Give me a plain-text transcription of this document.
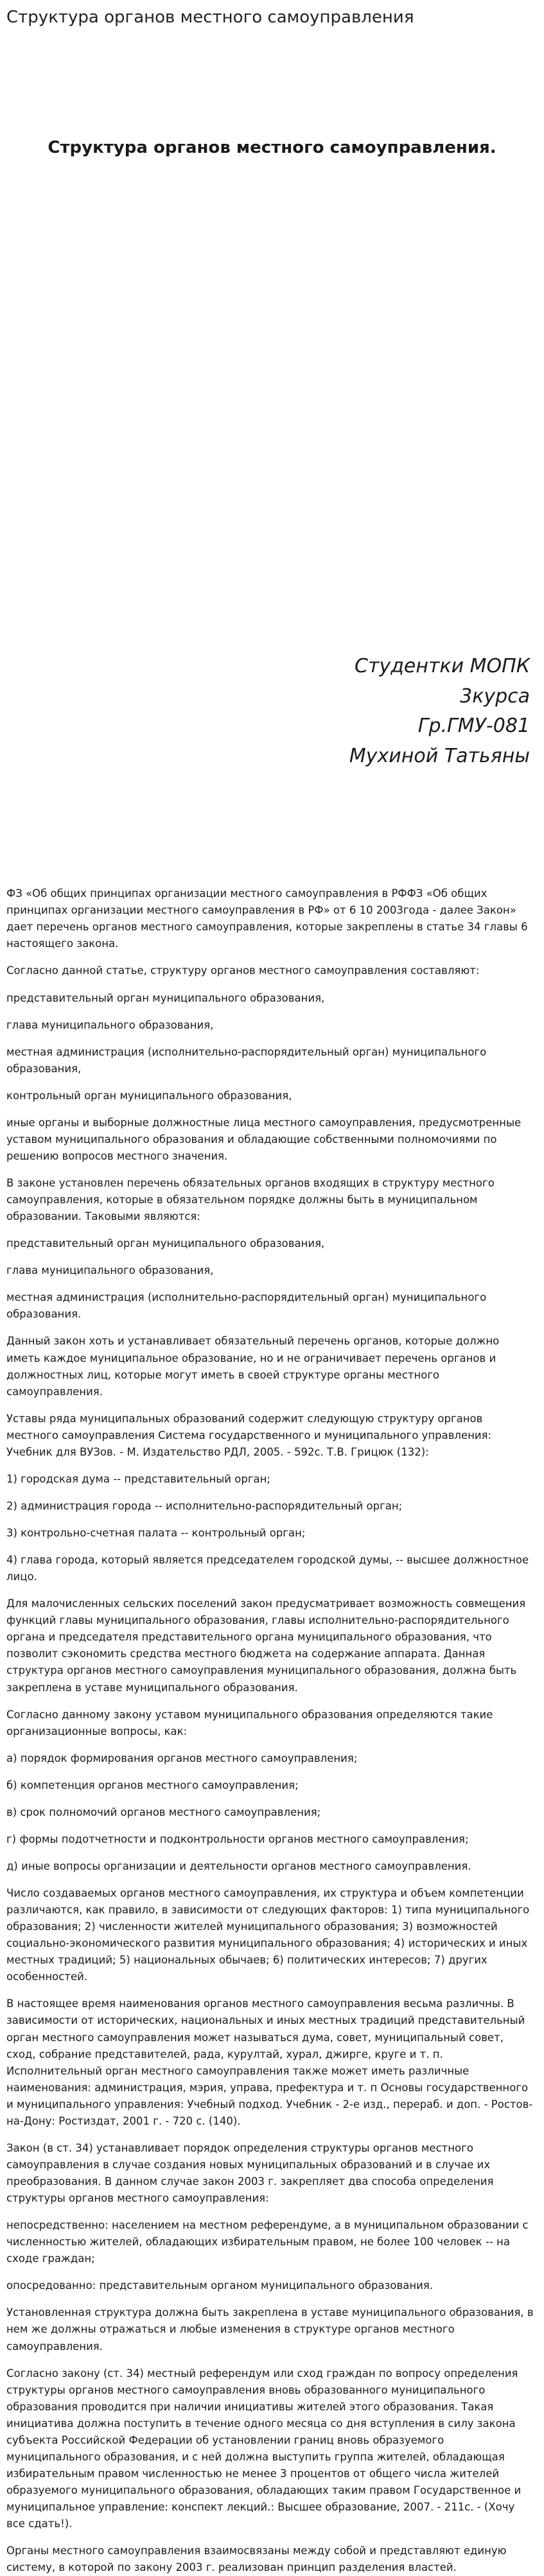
Структура органов местного самоуправления
Структура органов местного самоуправления.
Студентки МОПК
3курса
Гр.ГМУ-081
Мухиной Татьяны

ФЗ «Об общих принципах организации местного самоуправления в РФФЗ «Об общих принципах организации местного самоуправления в РФ» от 6 10 2003года - далее Закон» дает перечень органов местного самоуправления, которые закреплены в статье 34 главы 6 настоящего закона.

Согласно данной статье, структуру органов местного самоуправления составляют:

представительный орган муниципального образования,

глава муниципального образования,

местная администрация (исполнительно-распорядительный орган) муниципального образования,

контрольный орган муниципального образования,

иные органы и выборные должностные лица местного самоуправления, предусмотренные уставом муниципального образования и обладающие собственными полномочиями по решению вопросов местного значения.

В законе установлен перечень обязательных органов входящих в структуру местного самоуправления, которые в обязательном порядке должны быть в муниципальном образовании. Таковыми являются:

представительный орган муниципального образования,

глава муниципального образования,

местная администрация (исполнительно-распорядительный орган) муниципального образования.

Данный закон хоть и устанавливает обязательный перечень органов, которые должно иметь каждое муниципальное образование, но и не ограничивает перечень органов и должностных лиц, которые могут иметь в своей структуре органы местного самоуправления.

Уставы ряда муниципальных образований содержит следующую структуру органов местного самоуправления Система государственного и муниципального управления: Учебник для ВУЗов. - М. Издательство РДЛ, 2005. - 592с. Т.В. Грицюк (132):

1) городская дума -- представительный орган;

2) администрация города -- исполнительно-распорядительный орган;

3) контрольно-счетная палата -- контрольный орган;

4) глава города, который является председателем городской думы, -- высшее должностное лицо.

Для малочисленных сельских поселений закон предусматривает возможность совмещения функций главы муниципального образования, главы исполнительно-распорядительного органа и председателя представительного органа муниципального образования, что позволит сэкономить средства местного бюджета на содержание аппарата. Данная структура органов местного самоуправления муниципального образования, должна быть закреплена в уставе муниципального образования.

Согласно данному закону уставом муниципального образования определяются такие организационные вопросы, как:

а) порядок формирования органов местного самоуправления;

б) компетенция органов местного самоуправления;

в) срок полномочий органов местного самоуправления;

г) формы подотчетности и подконтрольности органов местного самоуправления;

д) иные вопросы организации и деятельности органов местного самоуправления.

Число создаваемых органов местного самоуправления, их структура и объем компетенции различаются, как правило, в зависимости от следующих факторов: 1) типа муниципального образования; 2) численности жителей муниципального образования; 3) возможностей социально-экономического развития муниципального образования; 4) исторических и иных местных традиций; 5) национальных обычаев; 6) политических интересов; 7) других особенностей.

В настоящее время наименования органов местного самоуправления весьма различны. В зависимости от исторических, национальных и иных местных традиций представительный орган местного самоуправления может называться дума, совет, муниципальный совет, сход, собрание представителей, рада, курултай, хурал, джирге, круге и т. п. Исполнительный орган местного самоуправления также может иметь различные наименования: администрация, мэрия, управа, префектура и т. п Основы государственного и муниципального управления: Учебный подход. Учебник - 2-е изд., перераб. и доп. - Ростов-на-Дону: Ростиздат, 2001 г. - 720 с. (140).

Закон (в ст. 34) устанавливает порядок определения структуры органов местного самоуправления в случае создания новых муниципальных образований и в случае их преобразования. В данном случае закон 2003 г. закрепляет два способа определения структуры органов местного самоуправления:

непосредственно: населением на местном референдуме, а в муниципальном образовании с численностью жителей, обладающих избирательным правом, не более 100 человек -- на сходе граждан;

опосредованно: представительным органом муниципального образования.

Установленная структура должна быть закреплена в уставе муниципального образования, в нем же должны отражаться и любые изменения в структуре органов местного самоуправления.

Согласно закону (ст. 34) местный референдум или сход граждан по вопросу определения структуры органов местного самоуправления вновь образованного муниципального образования проводится при наличии инициативы жителей этого образования. Такая инициатива должна поступить в течение одного месяца со дня вступления в силу закона субъекта Российской Федерации об установлении границ вновь образуемого муниципального образования, и с ней должна выступить группа жителей, обладающая избирательным правом численностью не менее 3 процентов от общего числа жителей образуемого муниципального образования, обладающих таким правом Государственное и муниципальное управление: конспект лекций.: Высшее образование, 2007. - 211с. - (Хочу все сдать!).

Органы местного самоуправления взаимосвязаны между собой и представляют единую систему, в которой по закону 2003 г. реализован принцип разделения властей.
